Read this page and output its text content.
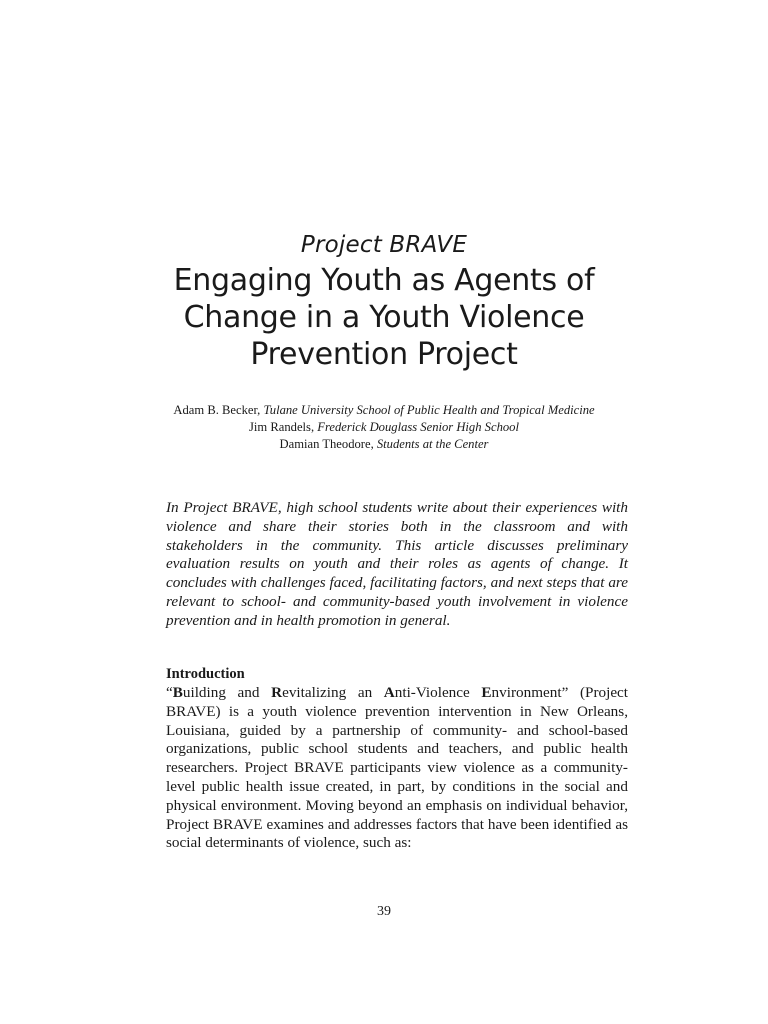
Project BRAVE
Engaging Youth as Agents of Change in a Youth Violence Prevention Project
Adam B. Becker, Tulane University School of Public Health and Tropical Medicine
Jim Randels, Frederick Douglass Senior High School
Damian Theodore, Students at the Center

In Project BRAVE, high school students write about their experiences with violence and share their stories both in the classroom and with stakeholders in the community. This article discusses preliminary evaluation results on youth and their roles as agents of change. It concludes with challenges faced, facilitating factors, and next steps that are relevant to school- and community-based youth involvement in violence prevention and in health promotion in general.

Introduction

“Building and Revitalizing an Anti-Violence Environment” (Project BRAVE) is a youth violence prevention intervention in New Orleans, Louisiana, guided by a partnership of community- and school-based organizations, public school students and teachers, and public health researchers. Project BRAVE participants view violence as a community-level public health issue created, in part, by conditions in the social and physical environment. Moving beyond an emphasis on individual behavior, Project BRAVE examines and addresses factors that have been identified as social determinants of violence, such as:

39
